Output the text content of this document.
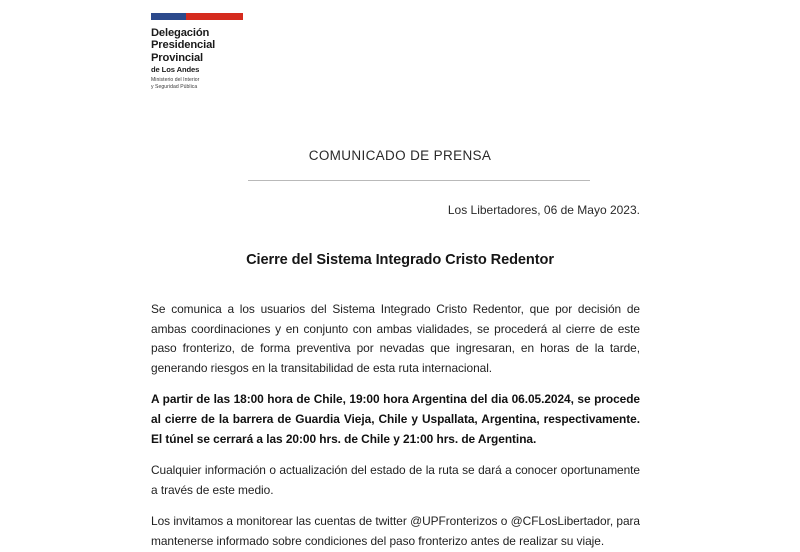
Delegación
Presidencial
Provincial
de Los Andes
Ministerio del Interior
y Seguridad Pública
COMUNICADO DE PRENSA
Los Libertadores, 06 de Mayo 2023.
Cierre del Sistema Integrado Cristo Redentor

Se comunica a los usuarios del Sistema Integrado Cristo Redentor, que por decisión de ambas coordinaciones y en conjunto con ambas vialidades, se procederá al cierre de este paso fronterizo, de forma preventiva por nevadas que ingresaran, en horas de la tarde, generando riesgos en la transitabilidad de esta ruta internacional.

A partir de las 18:00 hora de Chile, 19:00 hora Argentina del dia 06.05.2024, se procede al cierre de la barrera de Guardia Vieja, Chile y Uspallata, Argentina, respectivamente. El túnel se cerrará a las 20:00 hrs. de Chile y 21:00 hrs. de Argentina.

Cualquier información o actualización del estado de la ruta se dará a conocer oportunamente a través de este medio.

Los invitamos a monitorear las cuentas de twitter @UPFronterizos o @CFLosLibertador, para mantenerse informado sobre condiciones del paso fronterizo antes de realizar su viaje.
